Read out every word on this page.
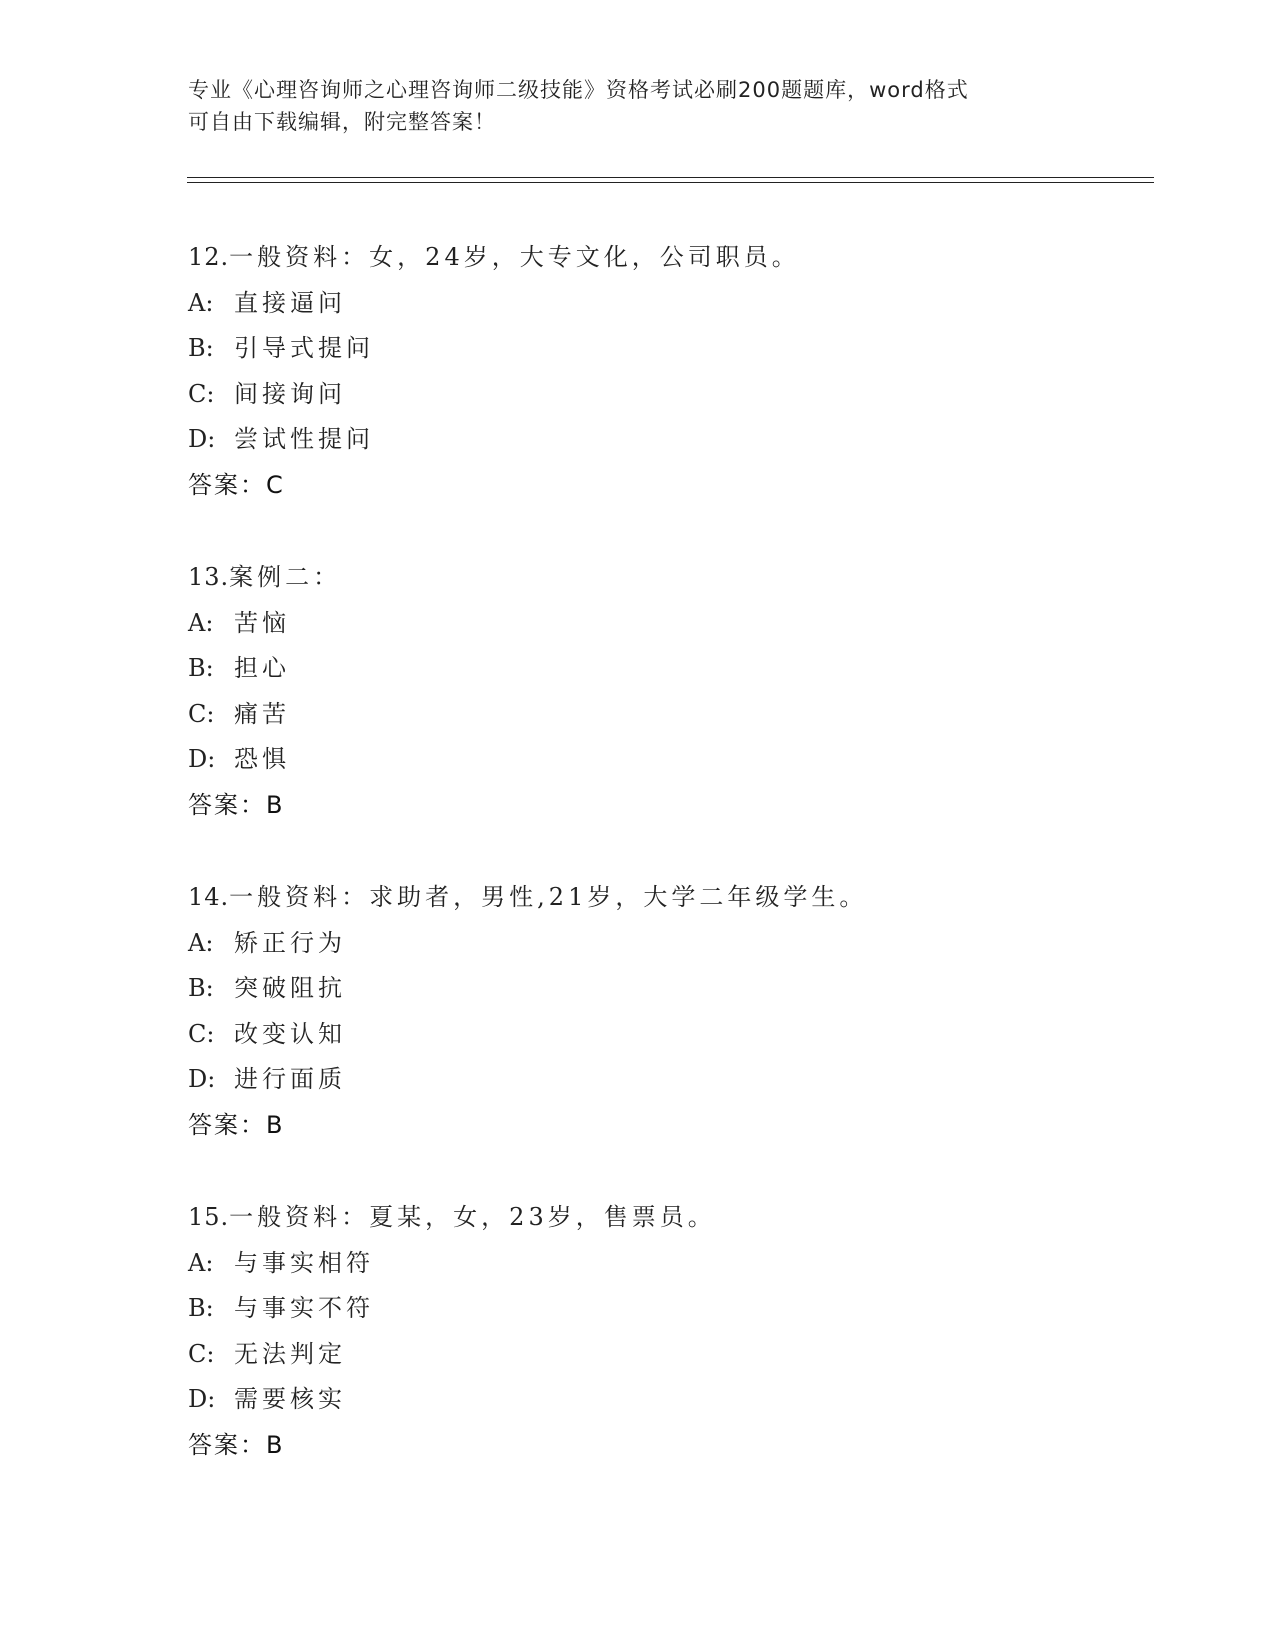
专业《心理咨询师之心理咨询师二级技能》资格考试必刷200题题库，word格式
可自由下载编辑，附完整答案！
12.一般资料：女，24岁，大专文化，公司职员。
A: 直接逼问
B: 引导式提问
C: 间接询问
D: 尝试性提问
答案：C
13.案例二：
A: 苦恼
B: 担心
C: 痛苦
D: 恐惧
答案：B
14.一般资料：求助者，男性,21岁，大学二年级学生。
A: 矫正行为
B: 突破阻抗
C: 改变认知
D: 进行面质
答案：B
15.一般资料：夏某，女，23岁，售票员。
A: 与事实相符
B: 与事实不符
C: 无法判定
D: 需要核实
答案：B
